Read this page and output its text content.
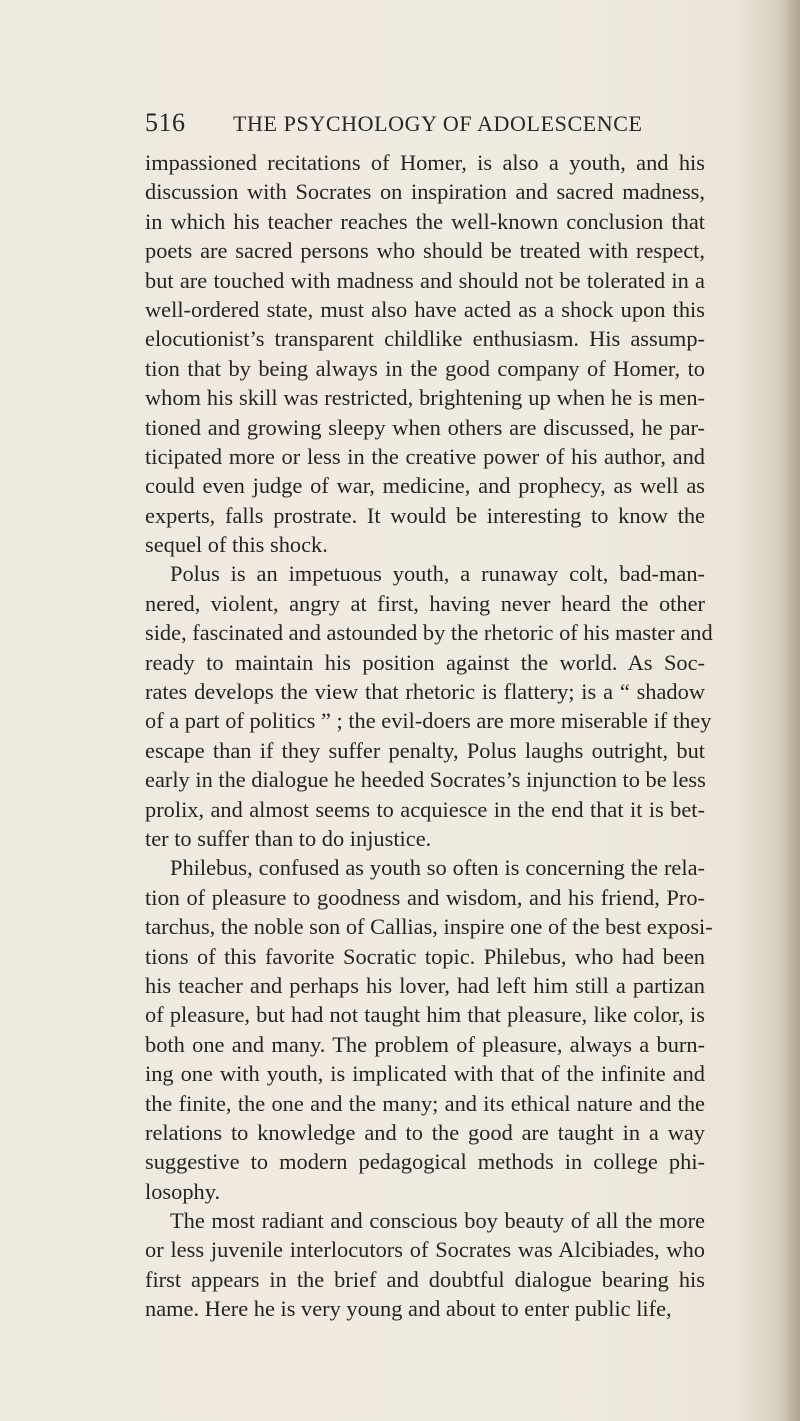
516 THE PSYCHOLOGY OF ADOLESCENCE
impassioned recitations of Homer, is also a youth, and his
discussion with Socrates on inspiration and sacred madness,
in which his teacher reaches the well-known conclusion that
poets are sacred persons who should be treated with respect,
but are touched with madness and should not be tolerated in a
well-ordered state, must also have acted as a shock upon this
elocutionist’s transparent childlike enthusiasm. His assump-
tion that by being always in the good company of Homer, to
whom his skill was restricted, brightening up when he is men-
tioned and growing sleepy when others are discussed, he par-
ticipated more or less in the creative power of his author, and
could even judge of war, medicine, and prophecy, as well as
experts, falls prostrate. It would be interesting to know the
sequel of this shock.
Polus is an impetuous youth, a runaway colt, bad-man-
nered, violent, angry at first, having never heard the other
side, fascinated and astounded by the rhetoric of his master and
ready to maintain his position against the world. As Soc-
rates develops the view that rhetoric is flattery; is a “ shadow
of a part of politics ” ; the evil-doers are more miserable if they
escape than if they suffer penalty, Polus laughs outright, but
early in the dialogue he heeded Socrates’s injunction to be less
prolix, and almost seems to acquiesce in the end that it is bet-
ter to suffer than to do injustice.
Philebus, confused as youth so often is concerning the rela-
tion of pleasure to goodness and wisdom, and his friend, Pro-
tarchus, the noble son of Callias, inspire one of the best exposi-
tions of this favorite Socratic topic. Philebus, who had been
his teacher and perhaps his lover, had left him still a partizan
of pleasure, but had not taught him that pleasure, like color, is
both one and many. The problem of pleasure, always a burn-
ing one with youth, is implicated with that of the infinite and
the finite, the one and the many; and its ethical nature and the
relations to knowledge and to the good are taught in a way
suggestive to modern pedagogical methods in college phi-
losophy.
The most radiant and conscious boy beauty of all the more
or less juvenile interlocutors of Socrates was Alcibiades, who
first appears in the brief and doubtful dialogue bearing his
name. Here he is very young and about to enter public life,
